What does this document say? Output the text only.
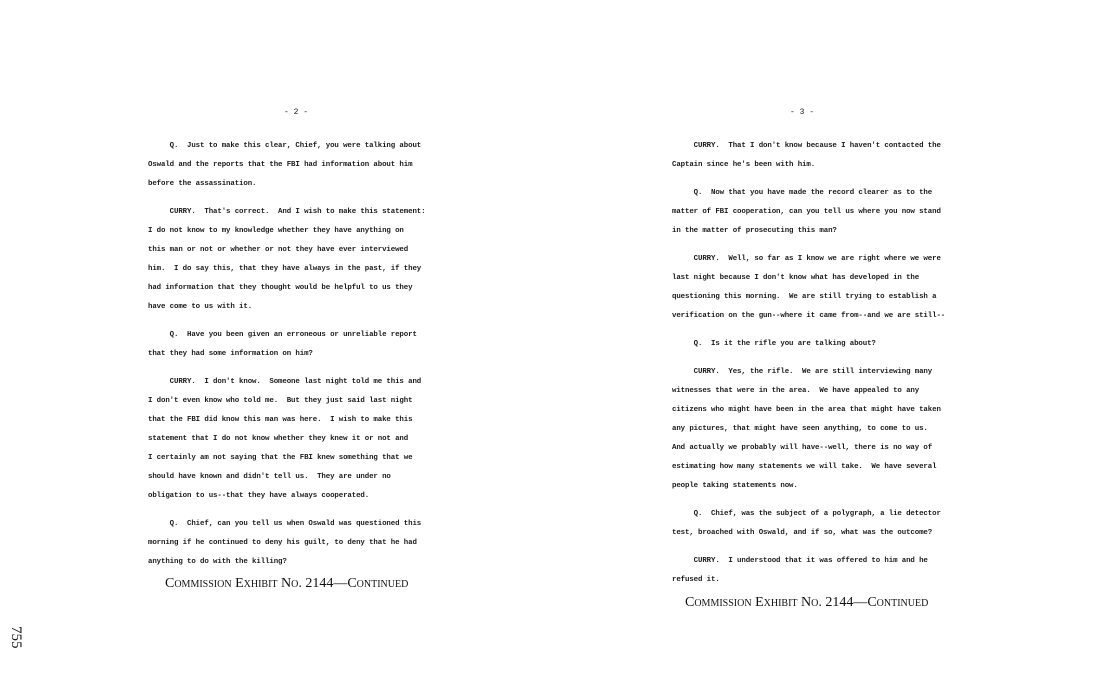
- 2 -
Q.  Just to make this clear, Chief, you were talking about
Oswald and the reports that the FBI had information about him
before the assassination.
CURRY.  That's correct.  And I wish to make this statement:
I do not know to my knowledge whether they have anything on
this man or not or whether or not they have ever interviewed
him.  I do say this, that they have always in the past, if they
had information that they thought would be helpful to us they
have come to us with it.
Q.  Have you been given an erroneous or unreliable report
that they had some information on him?
CURRY.  I don't know.  Someone last night told me this and
I don't even know who told me.  But they just said last night
that the FBI did know this man was here.  I wish to make this
statement that I do not know whether they knew it or not and
I certainly am not saying that the FBI knew something that we
should have known and didn't tell us.  They are under no
obligation to us--that they have always cooperated.
Q.  Chief, can you tell us when Oswald was questioned this
morning if he continued to deny his guilt, to deny that he had
anything to do with the killing?
Commission Exhibit No. 2144—Continued
- 3 -
CURRY.  That I don't know because I haven't contacted the
Captain since he's been with him.
Q.  Now that you have made the record clearer as to the
matter of FBI cooperation, can you tell us where you now stand
in the matter of prosecuting this man?
CURRY.  Well, so far as I know we are right where we were
last night because I don't know what has developed in the
questioning this morning.  We are still trying to establish a
verification on the gun--where it came from--and we are still--
Q.  Is it the rifle you are talking about?
CURRY.  Yes, the rifle.  We are still interviewing many
witnesses that were in the area.  We have appealed to any
citizens who might have been in the area that might have taken
any pictures, that might have seen anything, to come to us.
And actually we probably will have--well, there is no way of
estimating how many statements we will take.  We have several
people taking statements now.
Q.  Chief, was the subject of a polygraph, a lie detector
test, broached with Oswald, and if so, what was the outcome?
CURRY.  I understood that it was offered to him and he
refused it.
Commission Exhibit No. 2144—Continued
755
